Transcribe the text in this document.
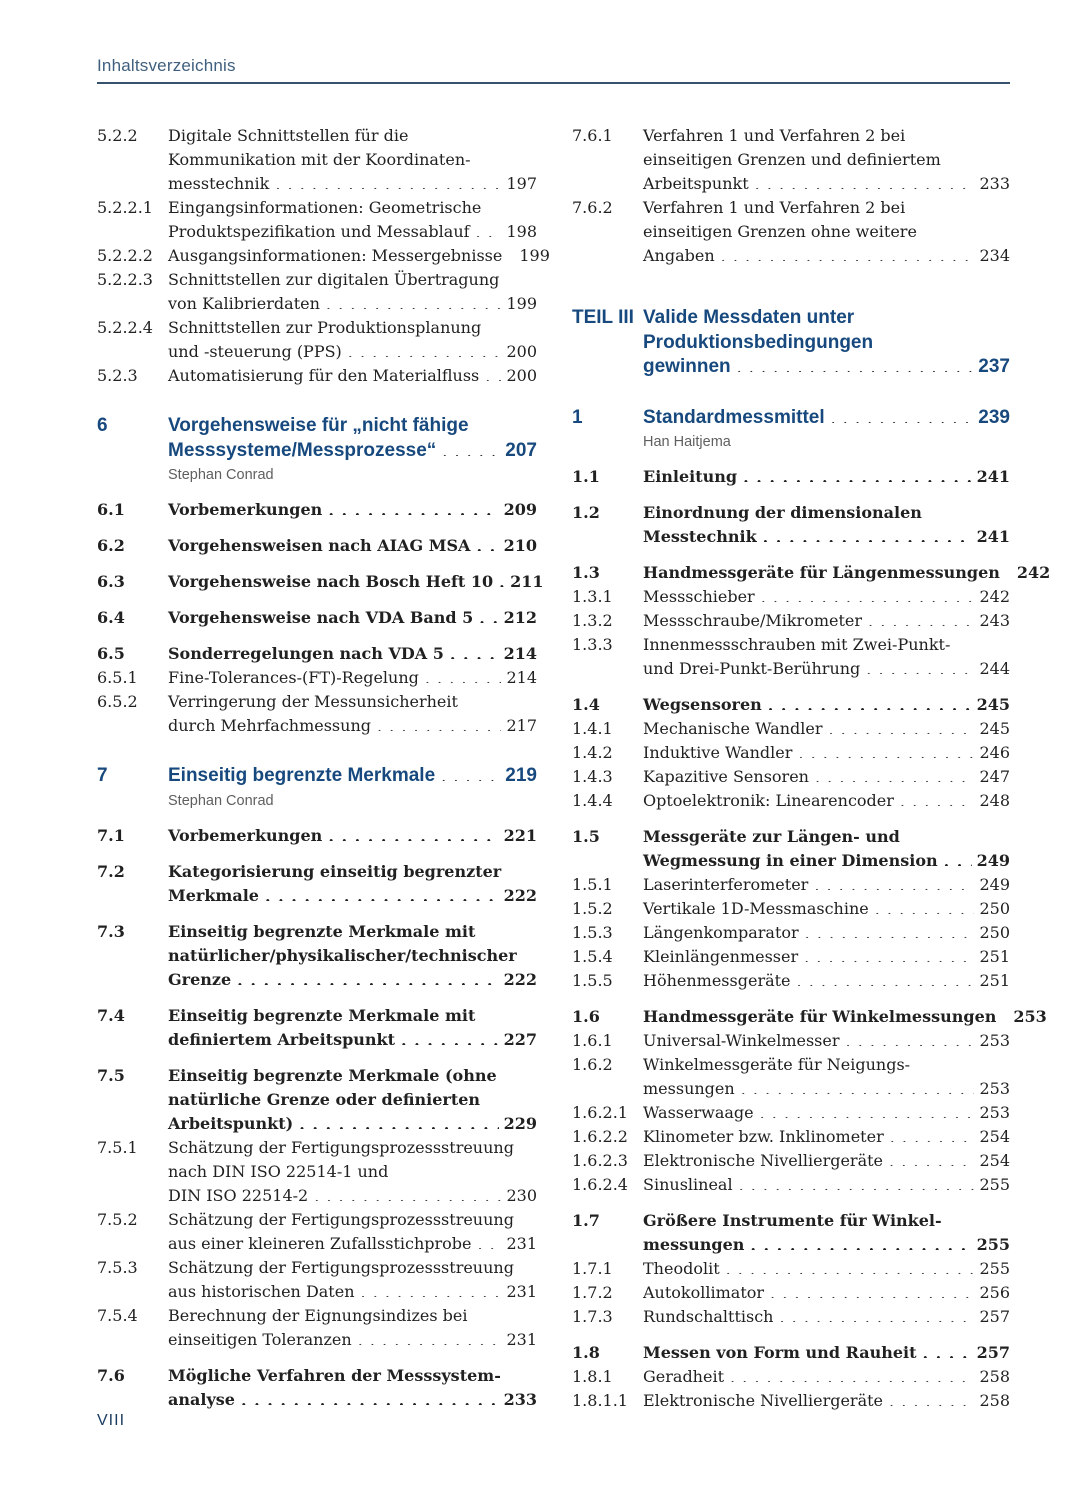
Inhaltsverzeichnis
5.2.2	Digitale Schnittstellen für die
Kommunikation mit der Koordinaten-
messtechnik . . .	197
5.2.2.1 Eingangsinformationen: Geometrische
Produktspezifikation und Messablauf . . . 198
5.2.2.2 Ausgangsinformationen: Messergebnisse 199
5.2.2.3 Schnittstellen zur digitalen Übertragung
von Kalibrierdaten . . .	199
5.2.2.4 Schnittstellen zur Produktionsplanung
und -steuerung (PPS) . . .	200
5.2.3	Automatisierung für den Materialfluss . . . 200
6	Vorgehensweise für „nicht fähige
Messsysteme/Messprozesse“ . . .	207
Stephan Conrad
6.1	Vorbemerkungen . . .	209
6.2	Vorgehensweisen nach AIAG MSA . . . 210
6.3	Vorgehensweise nach Bosch Heft 10 . . . 211
6.4	Vorgehensweise nach VDA Band 5 . . . 212
6.5	Sonderregelungen nach VDA 5 . . .	214
6.5.1	Fine-Tolerances-(FT)-Regelung . . .	214
6.5.2	Verringerung der Messunsicherheit
durch Mehrfachmessung . . .	217
7	Einseitig begrenzte Merkmale . . .	219
Stephan Conrad
7.1	Vorbemerkungen . . .	221
7.2	Kategorisierung einseitig begrenzter
Merkmale . . .	222
7.3	Einseitig begrenzte Merkmale mit
natürlicher/physikalischer/technischer
Grenze . . .	222
7.4	Einseitig begrenzte Merkmale mit
definiertem Arbeitspunkt . . .	227
7.5	Einseitig begrenzte Merkmale (ohne
natürliche Grenze oder definierten
Arbeitspunkt) . . .	229
7.5.1	Schätzung der Fertigungsprozessstreuung
nach DIN ISO 22514-1 und
DIN ISO 22514-2 . . .	230
7.5.2	Schätzung der Fertigungsprozessstreuung
aus einer kleineren Zufallsstichprobe . . . 231
7.5.3	Schätzung der Fertigungsprozessstreuung
aus historischen Daten . . .	231
7.5.4	Berechnung der Eignungsindizes bei
einseitigen Toleranzen . . .	231
7.6	Mögliche Verfahren der Messsystem-
analyse . . .	233
7.6.1	Verfahren 1 und Verfahren 2 bei
einseitigen Grenzen und definiertem
Arbeitspunkt . . .	233
7.6.2	Verfahren 1 und Verfahren 2 bei
einseitigen Grenzen ohne weitere
Angaben . . .	234
TEIL III Valide Messdaten unter
Produktionsbedingungen
gewinnen . . .	237
1	Standardmessmittel . . .	239
Han Haitjema
1.1	Einleitung . . .	241
1.2	Einordnung der dimensionalen
Messtechnik . . .	241
1.3	Handmessgeräte für Längenmessungen 242
1.3.1	Messschieber . . .	242
1.3.2	Messschraube/Mikrometer . . .	243
1.3.3	Innenmessschrauben mit Zwei-Punkt-
und Drei-Punkt-Berührung . . .	244
1.4	Wegsensoren . . .	245
1.4.1	Mechanische Wandler . . .	245
1.4.2	Induktive Wandler . . .	246
1.4.3	Kapazitive Sensoren . . .	247
1.4.4	Optoelektronik: Linearencoder . . .	248
1.5	Messgeräte zur Längen- und
Wegmessung in einer Dimension . . . 249
1.5.1	Laserinterferometer . . .	249
1.5.2	Vertikale 1D-Messmaschine . . .	250
1.5.3	Längenkomparator . . .	250
1.5.4	Kleinlängenmesser . . .	251
1.5.5	Höhenmessgeräte . . .	251
1.6	Handmessgeräte für Winkelmessungen 253
1.6.1	Universal-Winkelmesser . . .	253
1.6.2	Winkelmessgeräte für Neigungs-
messungen . . .	253
1.6.2.1 Wasserwaage . . .	253
1.6.2.2 Klinometer bzw. Inklinometer . . .	254
1.6.2.3 Elektronische Nivelliergeräte . . .	254
1.6.2.4 Sinuslineal . . .	255
1.7	Größere Instrumente für Winkel-
messungen . . .	255
1.7.1	Theodolit . . .	255
1.7.2	Autokollimator . . .	256
1.7.3	Rundschalttisch . . .	257
1.8	Messen von Form und Rauheit . . .	257
1.8.1	Geradheit . . .	258
1.8.1.1 Elektronische Nivelliergeräte . . .	258
VIII
